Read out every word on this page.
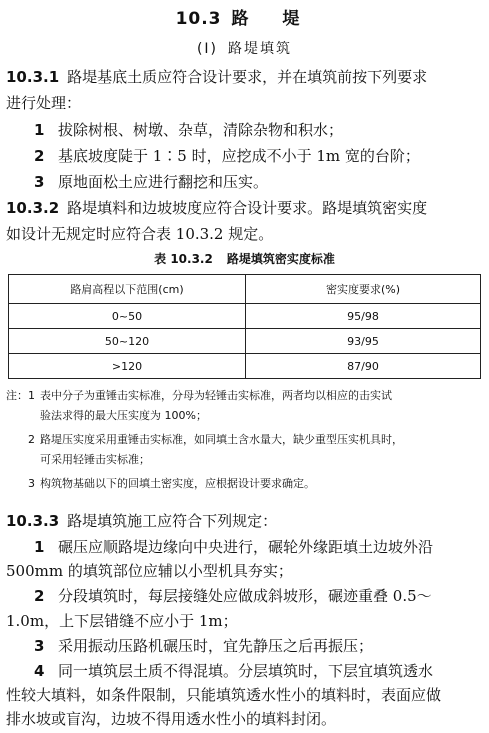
10.3 路 堤
(Ⅰ) 路堤填筑
10.3.1 路堤基底土质应符合设计要求，并在填筑前按下列要求
进行处理：
1 拔除树根、树墩、杂草，清除杂物和积水；
2 基底坡度陡于 1∶5 时，应挖成不小于 1m 宽的台阶；
3 原地面松土应进行翻挖和压实。
10.3.2 路堤填料和边坡坡度应符合设计要求。路堤填筑密实度
如设计无规定时应符合表 10.3.2 规定。
表 10.3.2 路堤填筑密实度标准
路肩高程以下范围(cm)	密实度要求(%)
0~50	95/98
50~120	93/95
>120	87/90
注： 1 表中分子为重锤击实标准，分母为轻锤击实标准，两者均以相应的击实试
验法求得的最大压实度为 100%；
2 路堤压实度采用重锤击实标准，如同填土含水量大，缺少重型压实机具时，
可采用轻锤击实标准；
3 构筑物基础以下的回填土密实度，应根据设计要求确定。
10.3.3 路堤填筑施工应符合下列规定：
1 碾压应顺路堤边缘向中央进行，碾轮外缘距填土边坡外沿
500mm 的填筑部位应辅以小型机具夯实；
2 分段填筑时，每层接缝处应做成斜坡形，碾迹重叠 0.5～
1.0m，上下层错缝不应小于 1m；
3 采用振动压路机碾压时，宜先静压之后再振压；
4 同一填筑层土质不得混填。分层填筑时，下层宜填筑透水
性较大填料，如条件限制，只能填筑透水性小的填料时，表面应做
排水坡或盲沟，边坡不得用透水性小的填料封闭。
